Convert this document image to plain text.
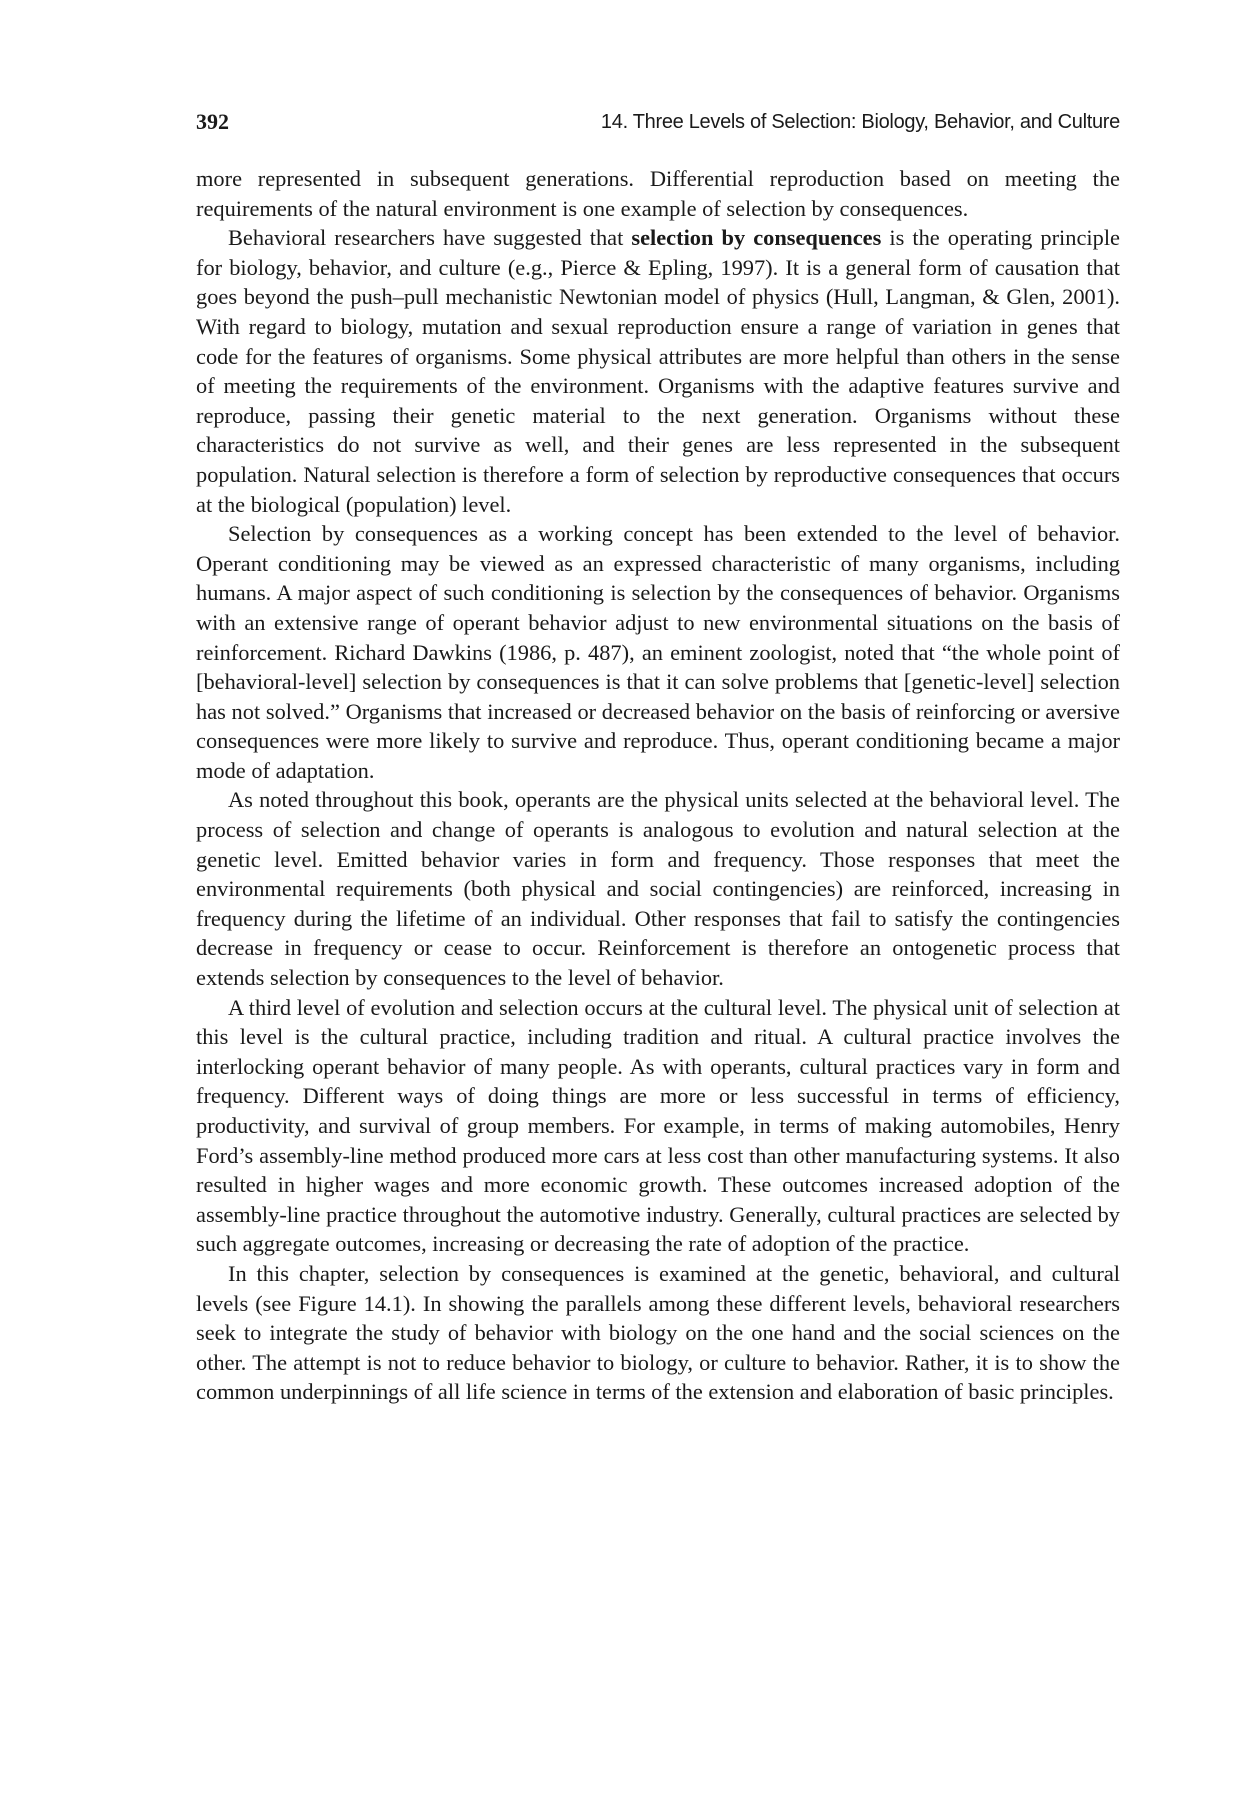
392	14. Three Levels of Selection: Biology, Behavior, and Culture

more represented in subsequent generations. Differential reproduction based on meeting the requirements of the natural environment is one example of selection by consequences.

Behavioral researchers have suggested that selection by consequences is the operating principle for biology, behavior, and culture (e.g., Pierce & Epling, 1997). It is a general form of causation that goes beyond the push–pull mechanistic Newtonian model of physics (Hull, Langman, & Glen, 2001). With regard to biology, mutation and sexual reproduction ensure a range of variation in genes that code for the features of organisms. Some physical attributes are more helpful than others in the sense of meeting the requirements of the environment. Organisms with the adaptive features survive and reproduce, passing their genetic material to the next generation. Organisms without these characteristics do not survive as well, and their genes are less represented in the subsequent population. Natural selection is therefore a form of selection by reproductive consequences that occurs at the biological (population) level.

Selection by consequences as a working concept has been extended to the level of behavior. Operant conditioning may be viewed as an expressed characteristic of many organisms, including humans. A major aspect of such conditioning is selection by the consequences of behavior. Organisms with an extensive range of operant behavior adjust to new environmental situations on the basis of reinforcement. Richard Dawkins (1986, p. 487), an eminent zoologist, noted that “the whole point of [behavioral-level] selection by consequences is that it can solve problems that [genetic-level] selection has not solved.” Organisms that increased or decreased behavior on the basis of reinforcing or aversive consequences were more likely to survive and reproduce. Thus, operant conditioning became a major mode of adaptation.

As noted throughout this book, operants are the physical units selected at the behavioral level. The process of selection and change of operants is analogous to evolution and natural selection at the genetic level. Emitted behavior varies in form and frequency. Those responses that meet the environmental requirements (both physical and social contingencies) are reinforced, increasing in frequency during the lifetime of an individual. Other responses that fail to satisfy the contingencies decrease in frequency or cease to occur. Reinforcement is therefore an ontogenetic process that extends selection by consequences to the level of behavior.

A third level of evolution and selection occurs at the cultural level. The physical unit of selection at this level is the cultural practice, including tradition and ritual. A cultural practice involves the interlocking operant behavior of many people. As with operants, cultural practices vary in form and frequency. Different ways of doing things are more or less successful in terms of efficiency, productivity, and survival of group members. For example, in terms of making automobiles, Henry Ford’s assembly-line method produced more cars at less cost than other manufacturing systems. It also resulted in higher wages and more economic growth. These outcomes increased adoption of the assembly-line practice throughout the automotive industry. Generally, cultural practices are selected by such aggregate outcomes, increasing or decreasing the rate of adoption of the practice.

In this chapter, selection by consequences is examined at the genetic, behavioral, and cultural levels (see Figure 14.1). In showing the parallels among these different levels, behavioral researchers seek to integrate the study of behavior with biology on the one hand and the social sciences on the other. The attempt is not to reduce behavior to biology, or culture to behavior. Rather, it is to show the common underpinnings of all life science in terms of the extension and elaboration of basic principles.
